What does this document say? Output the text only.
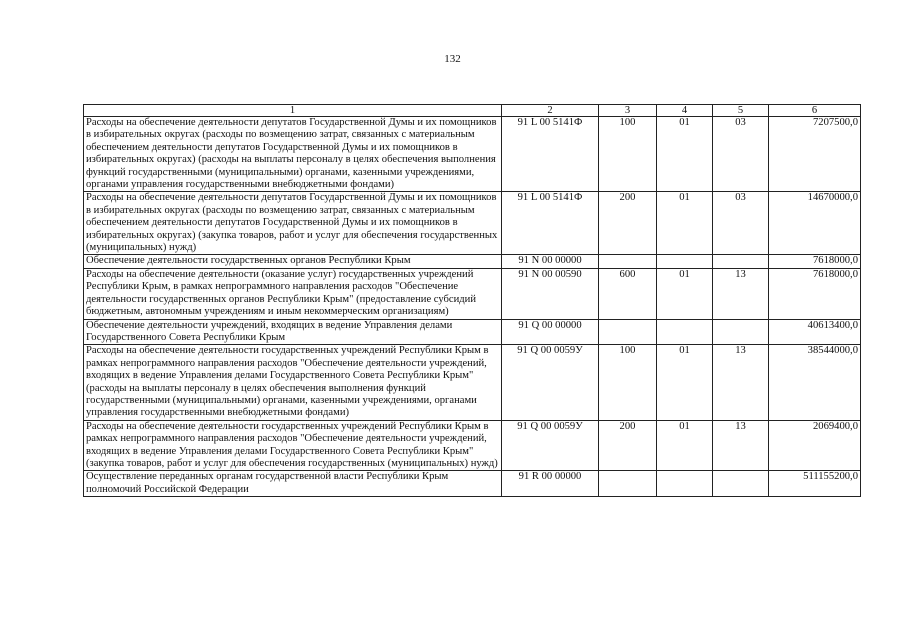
132
1	2	3	4	5	6
Расходы на обеспечение деятельности депутатов Государственной Думы и их помощников в избирательных округах (расходы по возмещению затрат, связанных с материальным обеспечением деятельности депутатов Государственной Думы и их помощников в избирательных округах) (расходы на выплаты персоналу в целях обеспечения выполнения функций государственными (муниципальными) органами, казенными учреждениями, органами управления государственными внебюджетными фондами)	91 L 00 5141Ф	100	01	03	7207500,0
Расходы на обеспечение деятельности депутатов Государственной Думы и их помощников в избирательных округах (расходы по возмещению затрат, связанных с материальным обеспечением деятельности депутатов Государственной Думы и их помощников в избирательных округах) (закупка товаров, работ и услуг для обеспечения государственных (муниципальных) нужд)	91 L 00 5141Ф	200	01	03	14670000,0
Обеспечение деятельности государственных органов Республики Крым	91 N 00 00000				7618000,0
Расходы на обеспечение деятельности (оказание услуг) государственных учреждений Республики Крым, в рамках непрограммного направления расходов "Обеспечение деятельности государственных органов Республики Крым" (предоставление субсидий бюджетным, автономным учреждениям и иным некоммерческим организациям)	91 N 00 00590	600	01	13	7618000,0
Обеспечение деятельности учреждений, входящих в ведение Управления делами Государственного Совета Республики Крым	91 Q 00 00000				40613400,0
Расходы на обеспечение деятельности государственных учреждений Республики Крым в рамках непрограммного направления расходов "Обеспечение деятельности учреждений, входящих в ведение Управления делами Государственного Совета Республики Крым" (расходы на выплаты персоналу в целях обеспечения выполнения функций государственными (муниципальными) органами, казенными учреждениями, органами управления государственными внебюджетными фондами)	91 Q 00 0059У	100	01	13	38544000,0
Расходы на обеспечение деятельности государственных учреждений Республики Крым в рамках непрограммного направления расходов "Обеспечение деятельности учреждений, входящих в ведение Управления делами Государственного Совета Республики Крым" (закупка товаров, работ и услуг для обеспечения государственных (муниципальных) нужд)	91 Q 00 0059У	200	01	13	2069400,0
Осуществление переданных органам государственной власти Республики Крым полномочий Российской Федерации	91 R 00 00000				511155200,0
